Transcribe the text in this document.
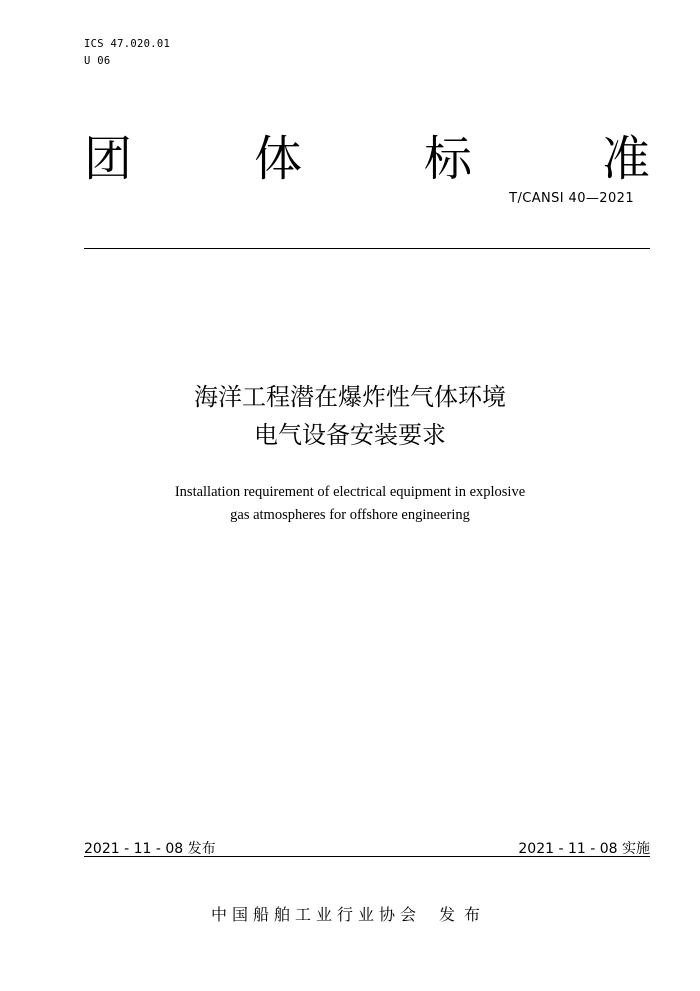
ICS 47.020.01
U 06
团	体	标	准
T/CANSI 40—2021
海洋工程潜在爆炸性气体环境
电气设备安装要求
Installation requirement of electrical equipment in explosive
gas atmospheres for offshore engineering
2021 - 11 - 08 发布	2021 - 11 - 08 实施
中国船舶工业行业协会 发布
